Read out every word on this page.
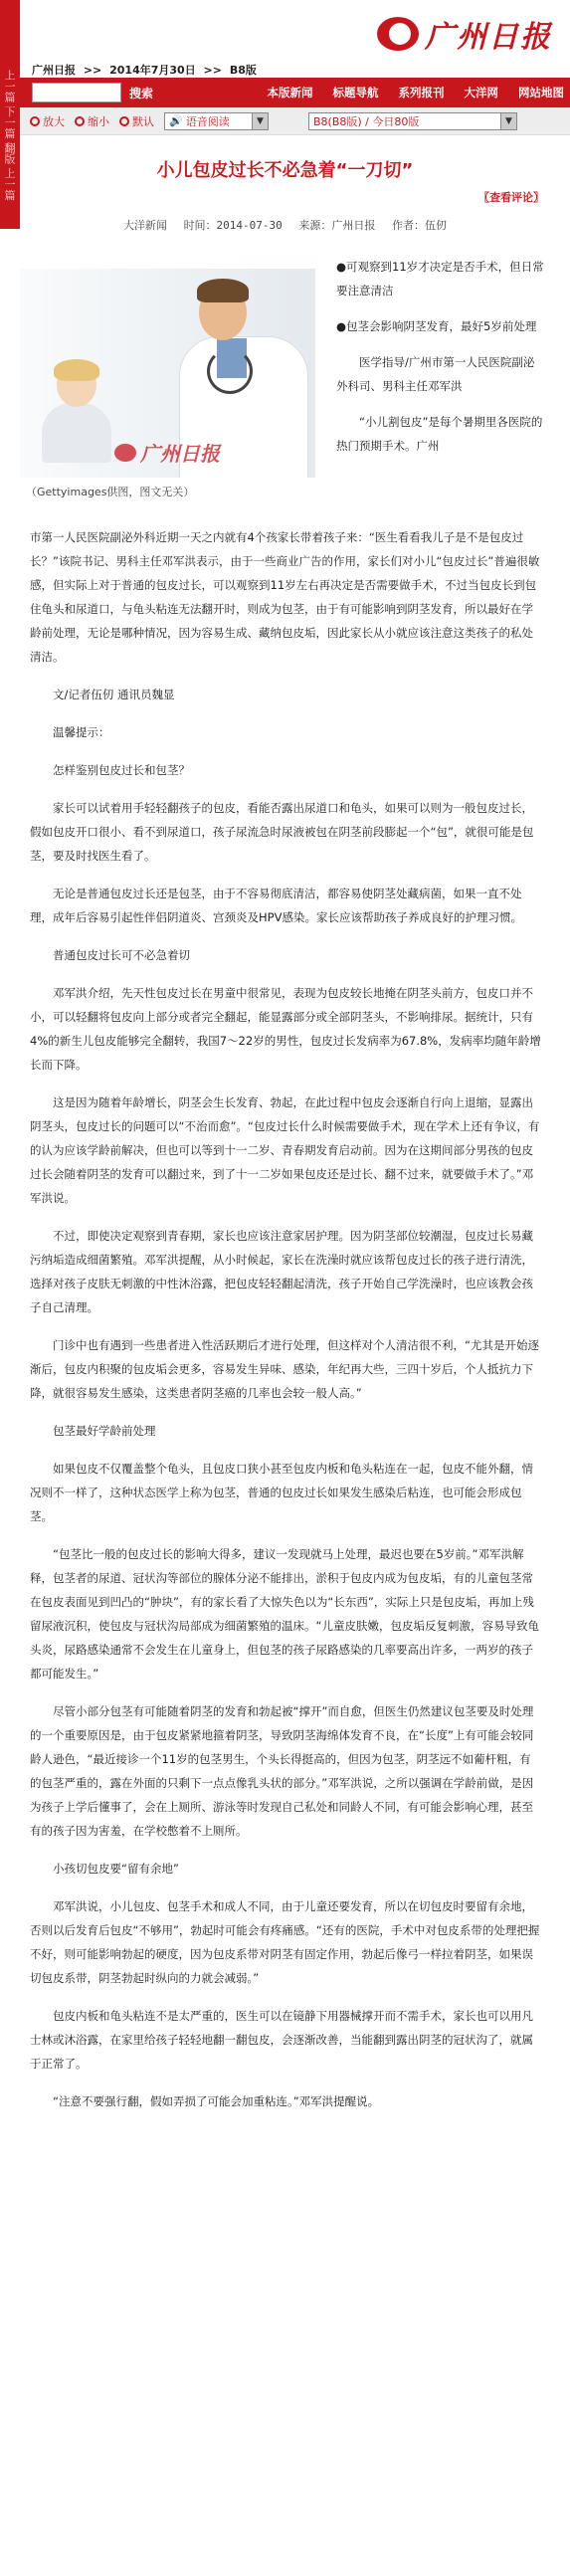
上一篇 下一篇 翻版 上一篇	广州日报 >> 2014年7月30日 >> B8版
广州日报
搜索	本版新闻 标题导航 系列报刊 大洋网 网站地图
放大 缩小 默认 🔊 语音阅读	▼	B8(B8版) / 今日80版	▼
小儿包皮过长不必急着“一刀切”
〖查看评论〗
大洋新闻 时间：2014-07-30 来源：广州日报 作者：伍仞
广州日报
（Gettyimages供图，图文无关）

●可观察到11岁才决定是否手术，但日常要注意清洁

●包茎会影响阴茎发育，最好5岁前处理

医学指导/广州市第一人民医院副泌外科司、男科主任邓军洪

“小儿割包皮”是每个暑期里各医院的热门预期手术。广州

市第一人民医院副泌外科近期一天之内就有4个孩家长带着孩子来：“医生看看我儿子是不是包皮过长？”该院书记、男科主任邓军洪表示，由于一些商业广告的作用，家长们对小儿“包皮过长”普遍很敏感，但实际上对于普通的包皮过长，可以观察到11岁左右再决定是否需要做手术，不过当包皮长到包住龟头和尿道口，与龟头粘连无法翻开时，则成为包茎，由于有可能影响到阴茎发育，所以最好在学龄前处理，无论是哪种情况，因为容易生成、藏纳包皮垢，因此家长从小就应该注意这类孩子的私处清洁。

文/记者伍仞 通讯员魏显

温馨提示：

怎样鉴别包皮过长和包茎？

家长可以试着用手轻轻翻孩子的包皮，看能否露出尿道口和龟头，如果可以则为一般包皮过长，假如包皮开口很小、看不到尿道口，孩子尿流急时尿液被包在阴茎前段膨起一个“包”，就很可能是包茎，要及时找医生看了。

无论是普通包皮过长还是包茎，由于不容易彻底清洁，都容易使阴茎处藏病菌，如果一直不处理，成年后容易引起性伴侣阴道炎、宫颈炎及HPV感染。家长应该帮助孩子养成良好的护理习惯。

普通包皮过长可不必急着切

邓军洪介绍，先天性包皮过长在男童中很常见，表现为包皮较长地掩在阴茎头前方，包皮口并不小，可以轻翻将包皮向上部分或者完全翻起，能显露部分或全部阴茎头，不影响排尿。据统计，只有4%的新生儿包皮能够完全翻转，我国7～22岁的男性，包皮过长发病率为67.8%，发病率均随年龄增长而下降。

这是因为随着年龄增长，阴茎会生长发育、勃起，在此过程中包皮会逐渐自行向上退缩，显露出阴茎头，包皮过长的问题可以“不治而愈”。“包皮过长什么时候需要做手术，现在学术上还有争议，有的认为应该学龄前解决，但也可以等到十一二岁、青春期发育启动前。因为在这期间部分男孩的包皮过长会随着阴茎的发育可以翻过来，到了十一二岁如果包皮还是过长、翻不过来，就要做手术了。”邓军洪说。

不过，即使决定观察到青春期，家长也应该注意家居护理。因为阴茎部位较潮湿，包皮过长易藏污纳垢造成细菌繁殖。邓军洪提醒，从小时候起，家长在洗澡时就应该帮包皮过长的孩子进行清洗，选择对孩子皮肤无刺激的中性沐浴露，把包皮轻轻翻起清洗，孩子开始自己学洗澡时，也应该教会孩子自己清理。

门诊中也有遇到一些患者进入性活跃期后才进行处理，但这样对个人清洁很不利，“尤其是开始逐渐后，包皮内积聚的包皮垢会更多，容易发生异味、感染，年纪再大些，三四十岁后，个人抵抗力下降，就很容易发生感染，这类患者阴茎癌的几率也会较一般人高。”

包茎最好学龄前处理

如果包皮不仅覆盖整个龟头，且包皮口狭小甚至包皮内板和龟头粘连在一起，包皮不能外翻，情况则不一样了，这种状态医学上称为包茎，普通的包皮过长如果发生感染后粘连，也可能会形成包茎。

“包茎比一般的包皮过长的影响大得多，建议一发现就马上处理，最迟也要在5岁前。”邓军洪解释，包茎者的尿道、冠状沟等部位的腺体分泌不能排出，淤积于包皮内成为包皮垢，有的儿童包茎常在包皮表面见到凹凸的“肿块”，有的家长看了大惊失色以为“长东西”，实际上只是包皮垢，再加上残留尿液沉积，使包皮与冠状沟局部成为细菌繁殖的温床。“儿童皮肤嫩，包皮垢反复刺激，容易导致龟头炎，尿路感染通常不会发生在儿童身上，但包茎的孩子尿路感染的几率要高出许多，一两岁的孩子都可能发生。”

尽管小部分包茎有可能随着阴茎的发育和勃起被“撑开”而自愈，但医生仍然建议包茎要及时处理的一个重要原因是，由于包皮紧紧地箍着阴茎，导致阴茎海绵体发育不良，在“长度”上有可能会较同龄人逊色，“最近接诊一个11岁的包茎男生，个头长得挺高的，但因为包茎，阴茎远不如葡杆粗，有的包茎严重的，露在外面的只剩下一点点像乳头状的部分。”邓军洪说，之所以强调在学龄前做，是因为孩子上学后懂事了，会在上厕所、游泳等时发现自己私处和同龄人不同，有可能会影响心理，甚至有的孩子因为害羞，在学校憋着不上厕所。

小孩切包皮要“留有余地”

邓军洪说，小儿包皮、包茎手术和成人不同，由于儿童还要发育，所以在切包皮时要留有余地，否则以后发育后包皮“不够用”，勃起时可能会有疼痛感。“还有的医院，手术中对包皮系带的处理把握不好，则可能影响勃起的硬度，因为包皮系带对阴茎有固定作用，勃起后像弓一样拉着阴茎，如果误切包皮系带，阴茎勃起时纵向的力就会减弱。”

包皮内板和龟头粘连不是太严重的，医生可以在镜静下用器械撑开而不需手术，家长也可以用凡士林或沐浴露，在家里给孩子轻轻地翻一翻包皮，会逐渐改善，当能翻到露出阴茎的冠状沟了，就属于正常了。

“注意不要强行翻，假如弄损了可能会加重粘连。”邓军洪提醒说。
